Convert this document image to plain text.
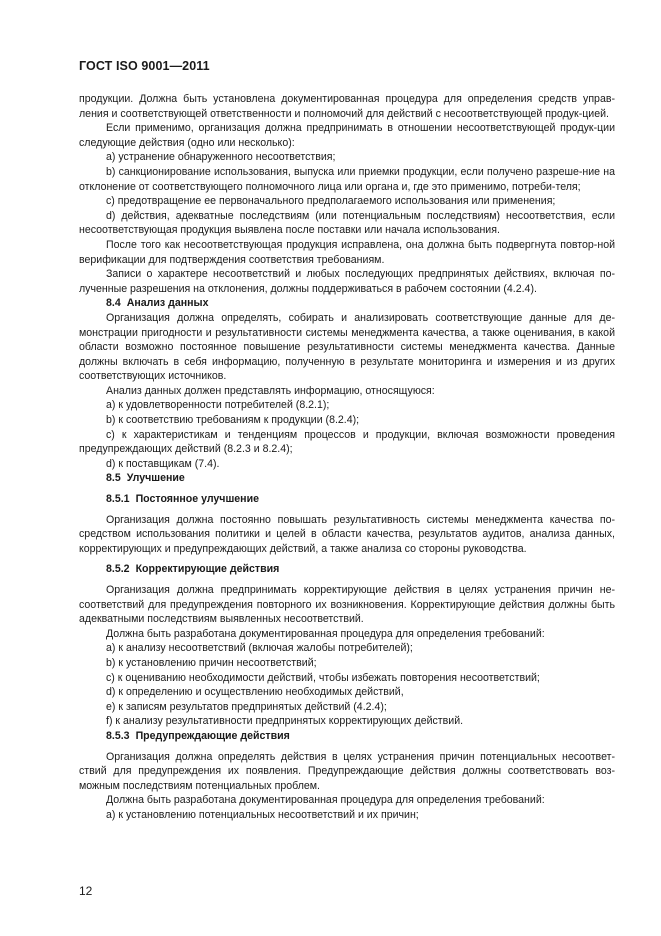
ГОСТ ISO 9001—2011

продукции. Должна быть установлена документированная процедура для определения средств управ-ления и соответствующей ответственности и полномочий для действий с несоответствующей продук-цией.

Если применимо, организация должна предпринимать в отношении несоответствующей продук-ции следующие действия (одно или несколько):

a) устранение обнаруженного несоответствия;

b) санкционирование использования, выпуска или приемки продукции, если получено разреше-ние на отклонение от соответствующего полномочного лица или органа и, где это применимо, потреби-теля;

c) предотвращение ее первоначального предполагаемого использования или применения;

d) действия, адекватные последствиям (или потенциальным последствиям) несоответствия, если несоответствующая продукция выявлена после поставки или начала использования.

После того как несоответствующая продукция исправлена, она должна быть подвергнута повтор-ной верификации для подтверждения соответствия требованиям.

Записи о характере несоответствий и любых последующих предпринятых действиях, включая по-лученные разрешения на отклонения, должны поддерживаться в рабочем состоянии (4.2.4).

8.4 Анализ данных

Организация должна определять, собирать и анализировать соответствующие данные для де-монстрации пригодности и результативности системы менеджмента качества, а также оценивания, в какой области возможно постоянное повышение результативности системы менеджмента качества. Данные должны включать в себя информацию, полученную в результате мониторинга и измерения и из других соответствующих источников.

Анализ данных должен представлять информацию, относящуюся:

a) к удовлетворенности потребителей (8.2.1);

b) к соответствию требованиям к продукции (8.2.4);

c) к характеристикам и тенденциям процессов и продукции, включая возможности проведения предупреждающих действий (8.2.3 и 8.2.4);

d) к поставщикам (7.4).

8.5 Улучшение

8.5.1 Постоянное улучшение

Организация должна постоянно повышать результативность системы менеджмента качества по-средством использования политики и целей в области качества, результатов аудитов, анализа данных, корректирующих и предупреждающих действий, а также анализа со стороны руководства.

8.5.2 Корректирующие действия

Организация должна предпринимать корректирующие действия в целях устранения причин не-соответствий для предупреждения повторного их возникновения. Корректирующие действия должны быть адекватными последствиям выявленных несоответствий.

Должна быть разработана документированная процедура для определения требований:

a) к анализу несоответствий (включая жалобы потребителей);

b) к установлению причин несоответствий;

c) к оцениванию необходимости действий, чтобы избежать повторения несоответствий;

d) к определению и осуществлению необходимых действий,

e) к записям результатов предпринятых действий (4.2.4);

f) к анализу результативности предпринятых корректирующих действий.

8.5.3 Предупреждающие действия

Организация должна определять действия в целях устранения причин потенциальных несоответ-ствий для предупреждения их появления. Предупреждающие действия должны соответствовать воз-можным последствиям потенциальных проблем.

Должна быть разработана документированная процедура для определения требований:

a) к установлению потенциальных несоответствий и их причин;

12
